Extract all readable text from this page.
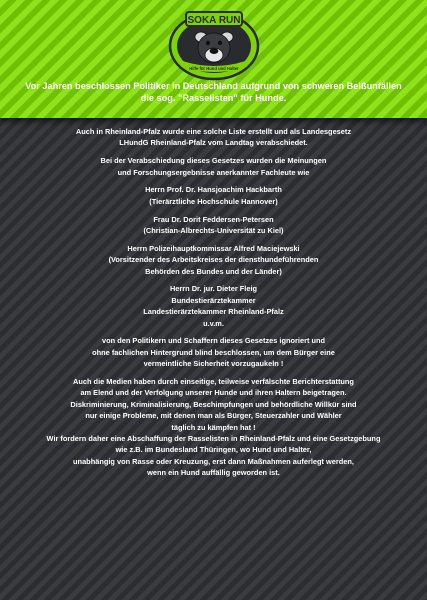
SOKA RUN
Hilfe für Hund und Halter
Vor Jahren beschlossen Politiker in Deutschland aufgrund von schweren Beißunfällen
die sog. "Rasselisten" für Hunde.

Auch in Rheinland-Pfalz wurde eine solche Liste erstellt und als Landesgesetz
LHundG Rheinland-Pfalz vom Landtag verabschiedet.

Bei der Verabschiedung dieses Gesetzes wurden die Meinungen
und Forschungsergebnisse anerkannter Fachleute wie

Herrn Prof. Dr. Hansjoachim Hackbarth
(Tierärztliche Hochschule Hannover)

Frau Dr. Dorit Feddersen-Petersen
(Christian-Albrechts-Universität zu Kiel)

Herrn Polizeihauptkommissar Alfred Maciejewski
(Vorsitzender des Arbeitskreises der diensthundeführenden
Behörden des Bundes und der Länder)

Herrn Dr. jur. Dieter Fleig
Bundestierärztekammer
Landestierärztekammer Rheinland-Pfalz
u.v.m.

von den Politikern und Schaffern dieses Gesetzes ignoriert und
ohne fachlichen Hintergrund blind beschlossen, um dem Bürger eine
vermeintliche Sicherheit vorzugaukeln !

Auch die Medien haben durch einseitige, teilweise verfälschte Berichterstattung
am Elend und der Verfolgung unserer Hunde und ihren Haltern beigetragen.
Diskriminierung, Kriminalisierung, Beschimpfungen und behördliche Willkür sind
nur einige Probleme, mit denen man als Bürger, Steuerzahler und Wähler
täglich zu kämpfen hat !
Wir fordern daher eine Abschaffung der Rasselisten in Rheinland-Pfalz und eine Gesetzgebung
wie z.B. im Bundesland Thüringen, wo Hund und Halter,
unabhängig von Rasse oder Kreuzung, erst dann Maßnahmen auferlegt werden,
wenn ein Hund auffällig geworden ist.
